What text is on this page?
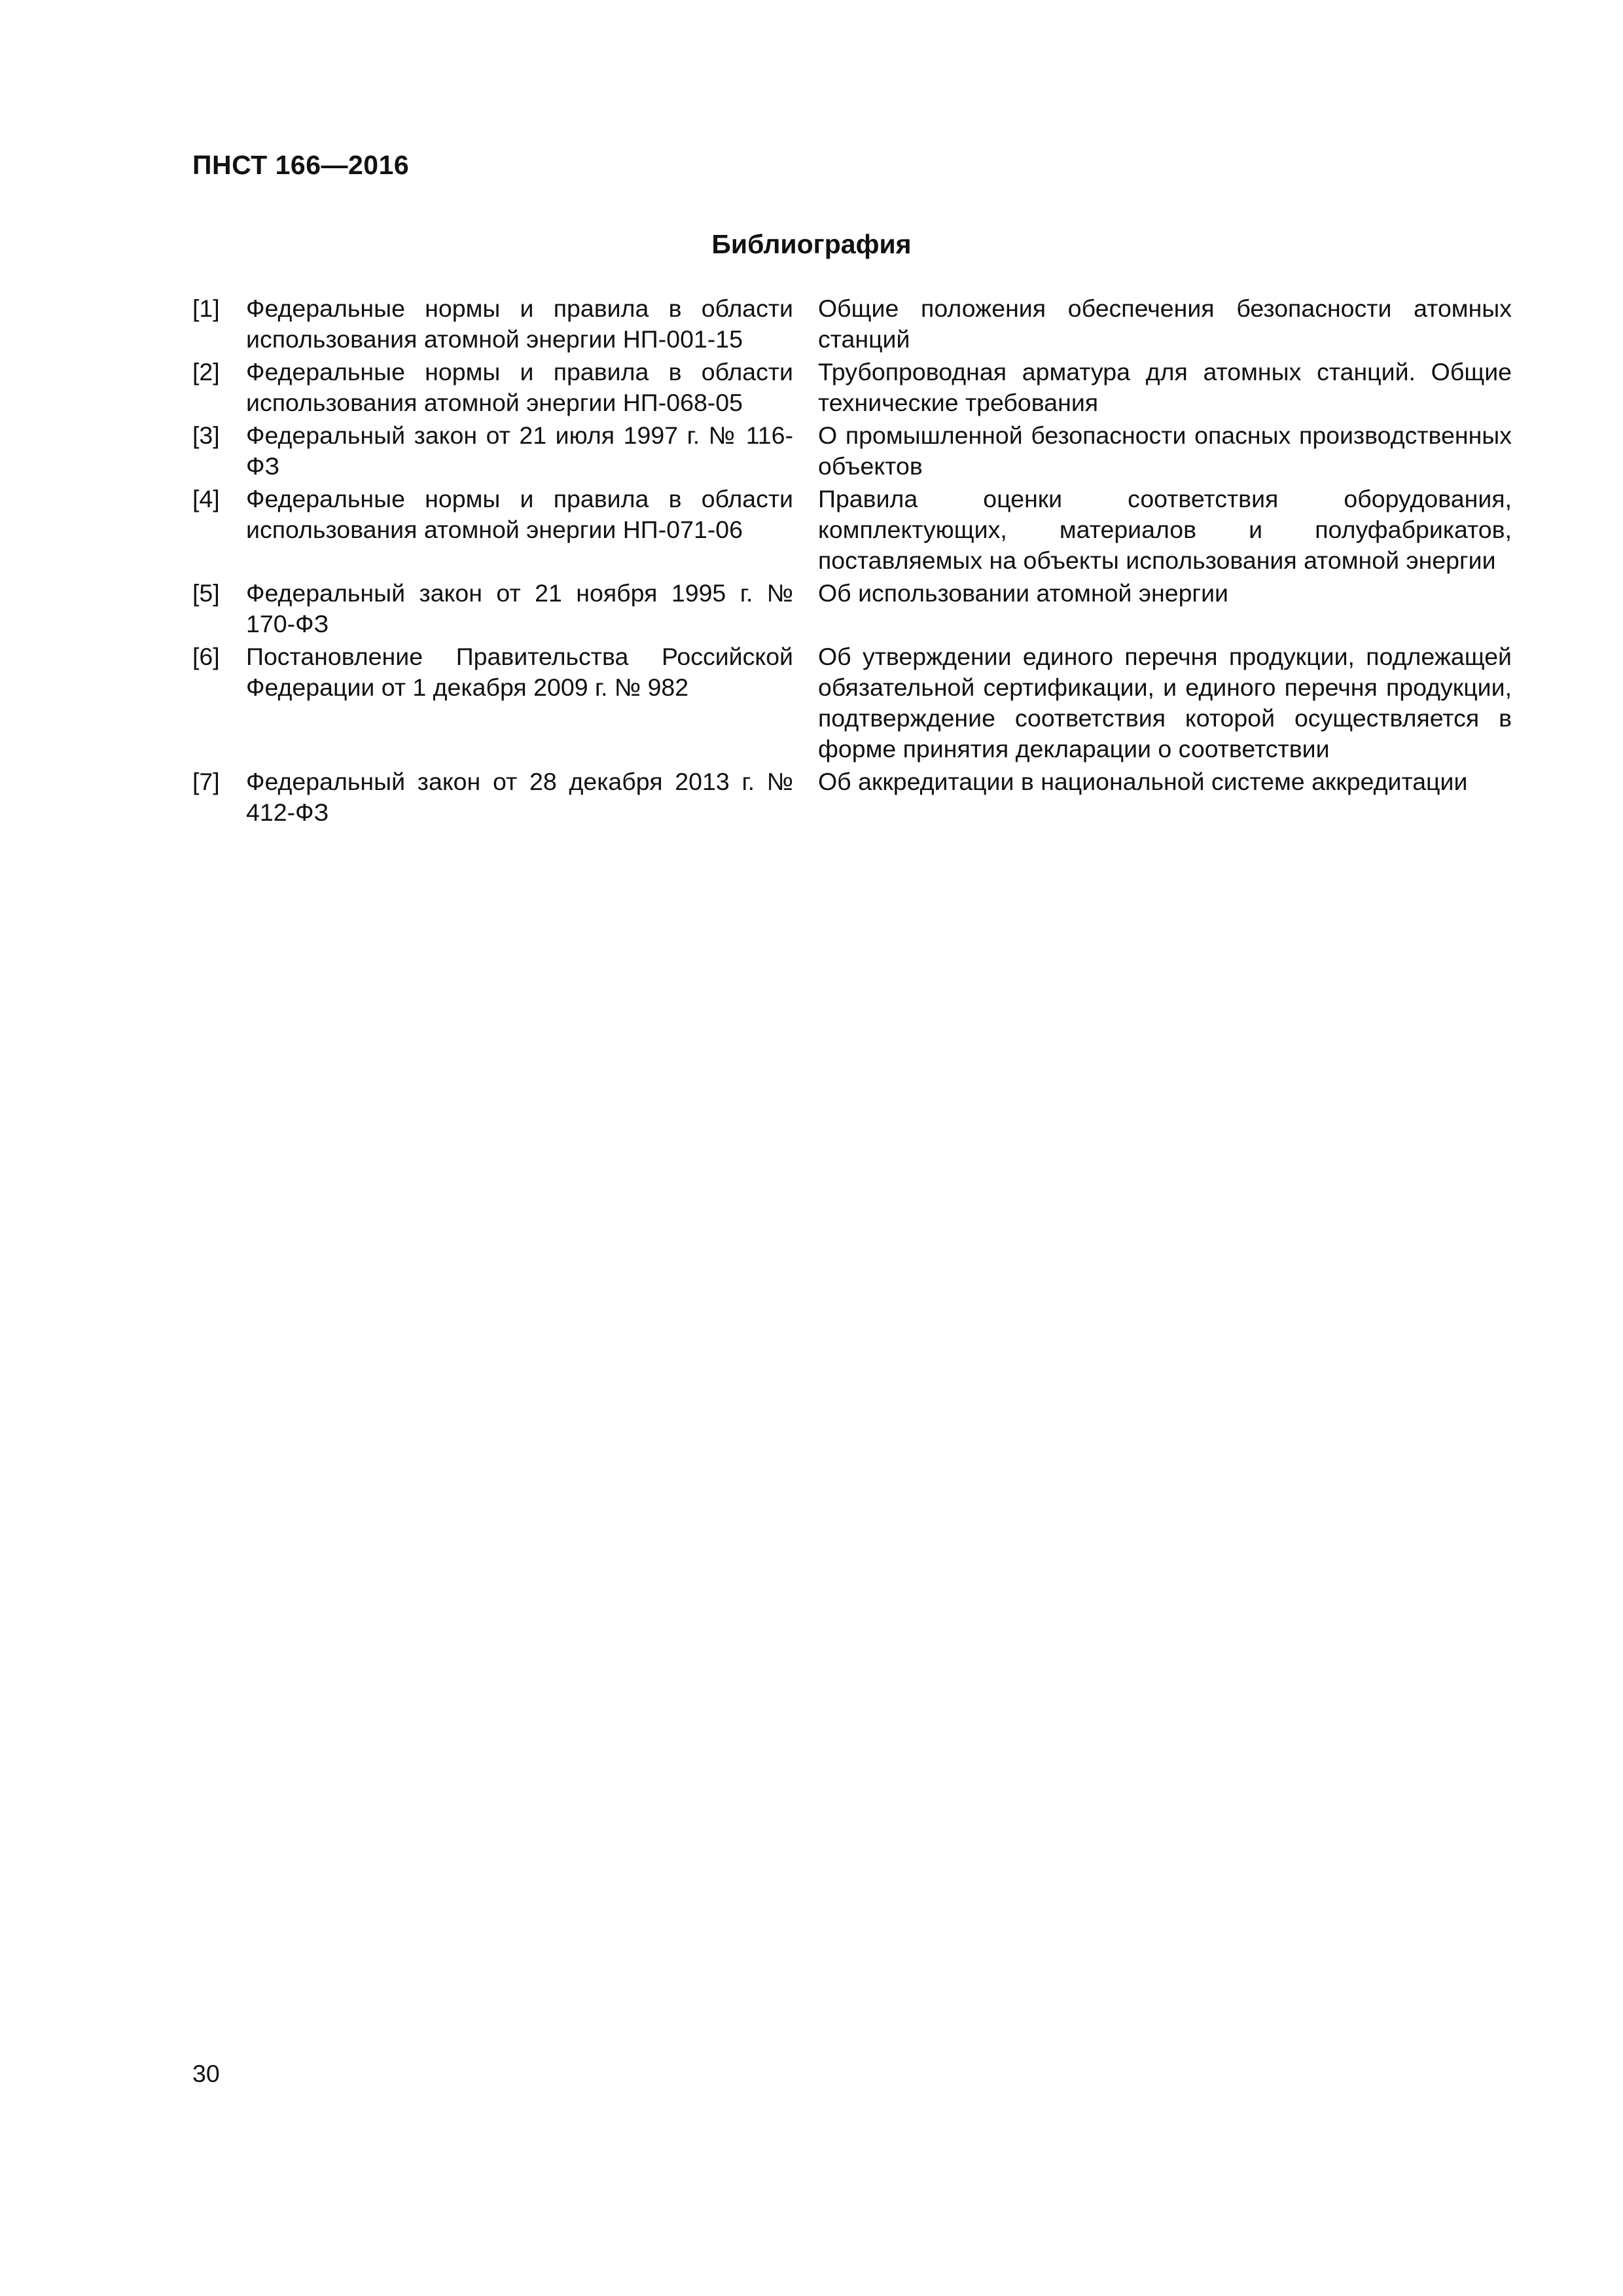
ПНСТ 166—2016
Библиография
[1]	Федеральные нормы и правила в области использования атомной энергии НП-001-15		Общие положения обеспечения безопасности атомных станций
[2]	Федеральные нормы и правила в области использования атомной энергии НП-068-05		Трубопроводная арматура для атомных станций. Общие технические требования
[3]	Федеральный закон от 21 июля 1997 г. № 116-ФЗ		О промышленной безопасности опасных производственных объектов
[4]	Федеральные нормы и правила в области использования атомной энергии НП-071-06		Правила оценки соответствия оборудования, комплектующих, материалов и полуфабрикатов, поставляемых на объекты использования атомной энергии
[5]	Федеральный закон от 21 ноября 1995 г. № 170-ФЗ		Об использовании атомной энергии
[6]	Постановление Правительства Российской Федерации от 1 декабря 2009 г. № 982		Об утверждении единого перечня продукции, подлежащей обязательной сертификации, и единого перечня продукции, подтверждение соответствия которой осуществляется в форме принятия декларации о соответствии
[7]	Федеральный закон от 28 декабря 2013 г. № 412-ФЗ		Об аккредитации в национальной системе аккредитации
30
